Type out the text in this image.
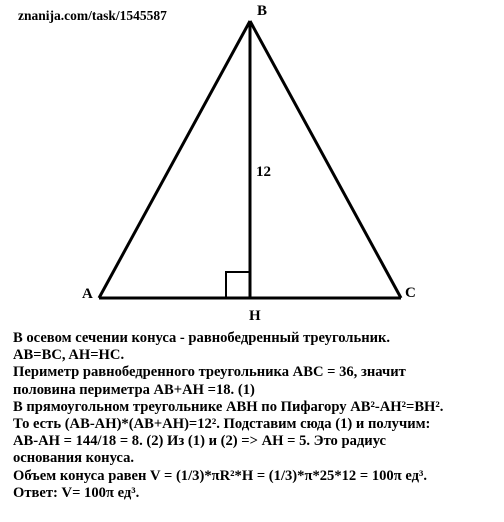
znanija.com/task/1545587	B
A	C
H
12
В осевом сечении конуса - равнобедренный треугольник.
AB=BC, AH=HC.
Периметр равнобедренного треугольника ABC = 36, значит
половина периметра AB+AH =18. (1)
В прямоугольном треугольнике ABH по Пифагору AB²-AH²=BH².
То есть (AB-AH)*(AB+AH)=12². Подставим сюда (1) и получим:
AB-AH = 144/18 = 8. (2) Из (1) и (2) => AH = 5. Это радиус
основания конуса.
Объем конуса равен V = (1/3)*πR²*H = (1/3)*π*25*12 = 100π ед³.
Ответ: V= 100π ед³.
